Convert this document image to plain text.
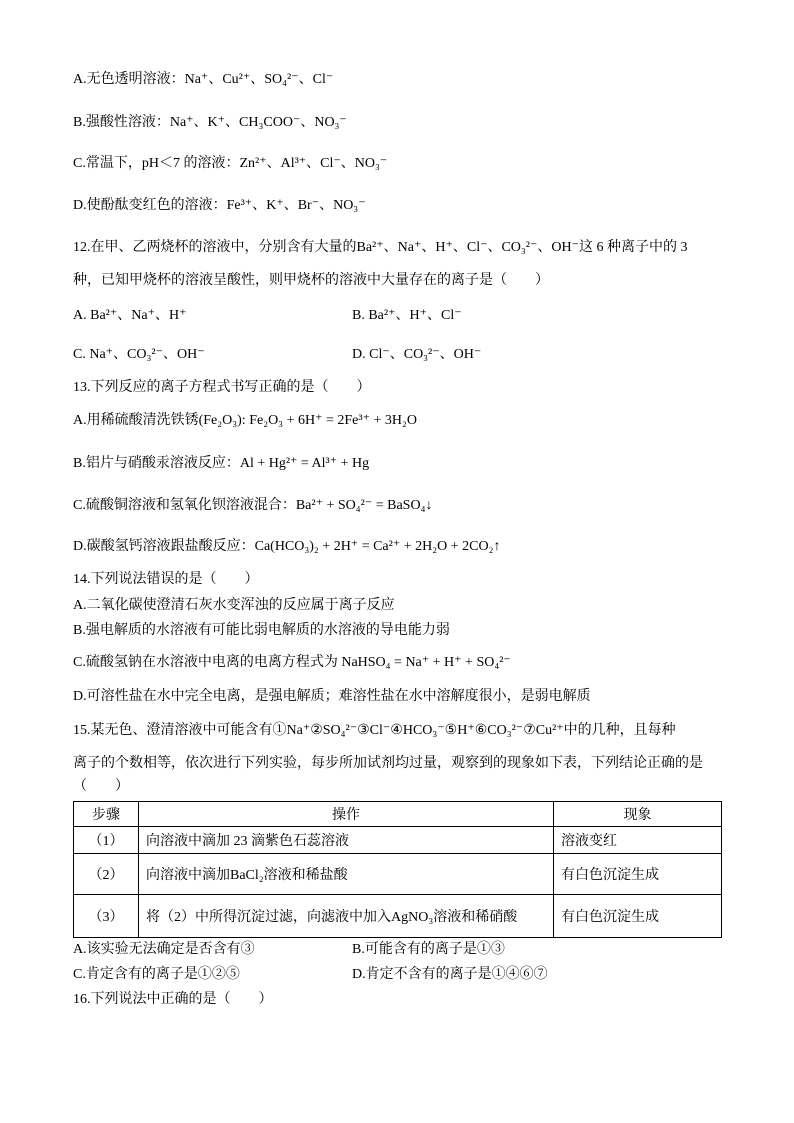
A.无色透明溶液：Na⁺、Cu²⁺、SO₄²⁻、Cl⁻
B.强酸性溶液：Na⁺、K⁺、CH₃COO⁻、NO₃⁻
C.常温下，pH＜7 的溶液：Zn²⁺、Al³⁺、Cl⁻、NO₃⁻
D.使酚酞变红色的溶液：Fe³⁺、K⁺、Br⁻、NO₃⁻
12.在甲、乙两烧杯的溶液中，分别含有大量的Ba²⁺、Na⁺、H⁺、Cl⁻、CO₃²⁻、OH⁻这 6 种离子中的 3
种，已知甲烧杯的溶液呈酸性，则甲烧杯的溶液中大量存在的离子是（　　）
A. Ba²⁺、Na⁺、H⁺	B. Ba²⁺、H⁺、Cl⁻
C. Na⁺、CO₃²⁻、OH⁻	D. Cl⁻、CO₃²⁻、OH⁻
13.下列反应的离子方程式书写正确的是（　　）
A.用稀硫酸清洗铁锈(Fe₂O₃): Fe₂O₃ + 6H⁺ = 2Fe³⁺ + 3H₂O
B.铝片与硝酸汞溶液反应：Al + Hg²⁺ = Al³⁺ + Hg
C.硫酸铜溶液和氢氧化钡溶液混合：Ba²⁺ + SO₄²⁻ = BaSO₄↓
D.碳酸氢钙溶液跟盐酸反应：Ca(HCO₃)₂ + 2H⁺ = Ca²⁺ + 2H₂O + 2CO₂↑
14.下列说法错误的是（　　）
A.二氧化碳使澄清石灰水变浑浊的反应属于离子反应
B.强电解质的水溶液有可能比弱电解质的水溶液的导电能力弱
C.硫酸氢钠在水溶液中电离的电离方程式为 NaHSO₄ = Na⁺ + H⁺ + SO₄²⁻
D.可溶性盐在水中完全电离，是强电解质；难溶性盐在水中溶解度很小，是弱电解质
15.某无色、澄清溶液中可能含有①Na⁺②SO₄²⁻③Cl⁻④HCO₃⁻⑤H⁺⑥CO₃²⁻⑦Cu²⁺中的几种，且每种
离子的个数相等，依次进行下列实验，每步所加试剂均过量，观察到的现象如下表，下列结论正确的是
（　　）
步骤	操作	现象
（1）	向溶液中滴加 23 滴紫色石蕊溶液	溶液变红
（2）	向溶液中滴加BaCl₂溶液和稀盐酸	有白色沉淀生成
（3）	将（2）中所得沉淀过滤，向滤液中加入AgNO₃溶液和稀硝酸	有白色沉淀生成
A.该实验无法确定是否含有③	B.可能含有的离子是①③
C.肯定含有的离子是①②⑤	D.肯定不含有的离子是①④⑥⑦
16.下列说法中正确的是（　　）
